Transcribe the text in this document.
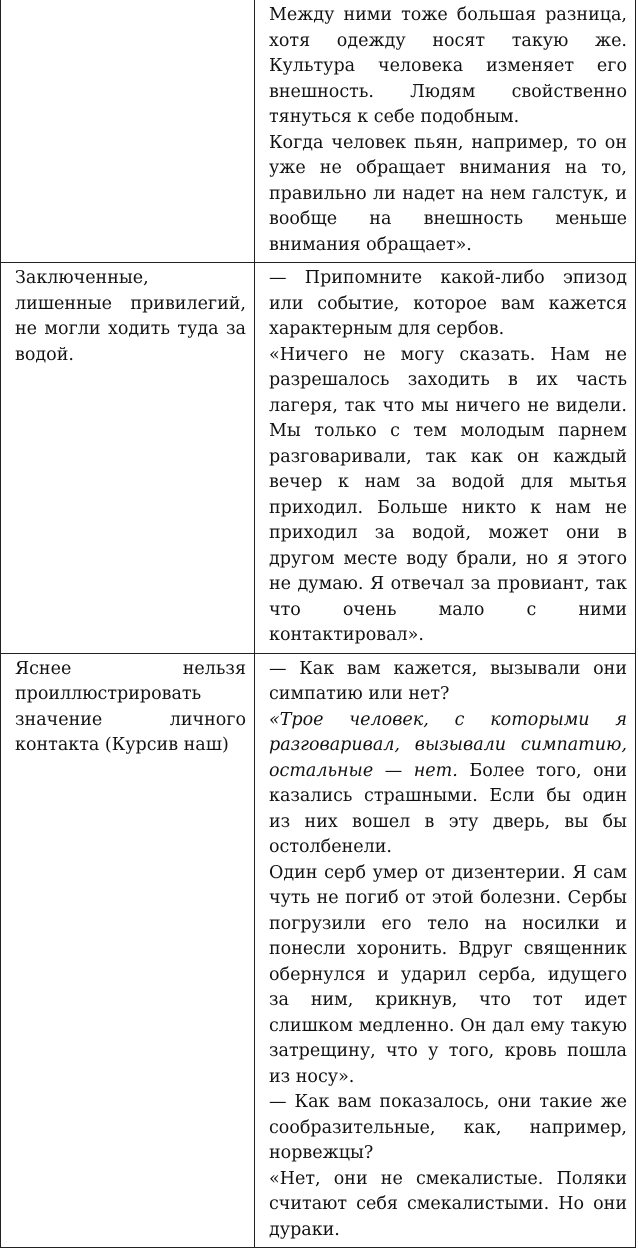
	Между ними тоже большая разница, хотя одежду носят такую же. Культура человека изменяет его внешность. Людям свойственно тянуться к себе подобным.
Когда человек пьян, например, то он уже не обращает внимания на то, правильно ли надет на нем галстук, и вообще на внешность меньше внимания обращает».

Заключенные, лишенные привилегий, не могли ходить туда за водой.	— Припомните какой-либо эпизод или событие, которое вам кажется характерным для сербов.
«Ничего не могу сказать. Нам не разрешалось заходить в их часть лагеря, так что мы ничего не видели. Мы только с тем молодым парнем разговаривали, так как он каждый вечер к нам за водой для мытья приходил. Больше никто к нам не приходил за водой, может они в другом месте воду брали, но я этого не думаю. Я отвечал за провиант, так что очень мало с ними контактировал».

Яснее нельзя проиллюстрировать значение личного контакта (Курсив наш)	— Как вам кажется, вызывали они симпатию или нет?
«Трое человек, с которыми я разговаривал, вызывали симпатию, остальные — нет. Более того, они казались страшными. Если бы один из них вошел в эту дверь, вы бы остолбенели.
Один серб умер от дизентерии. Я сам чуть не погиб от этой болезни. Сербы погрузили его тело на носилки и понесли хоронить. Вдруг священник обернулся и ударил серба, идущего за ним, крикнув, что тот идет слишком медленно. Он дал ему такую затрещину, что у того, кровь пошла из носу».
— Как вам показалось, они такие же сообразительные, как, например, норвежцы?
«Нет, они не смекалистые. Поляки считают себя смекалистыми. Но они дураки.
